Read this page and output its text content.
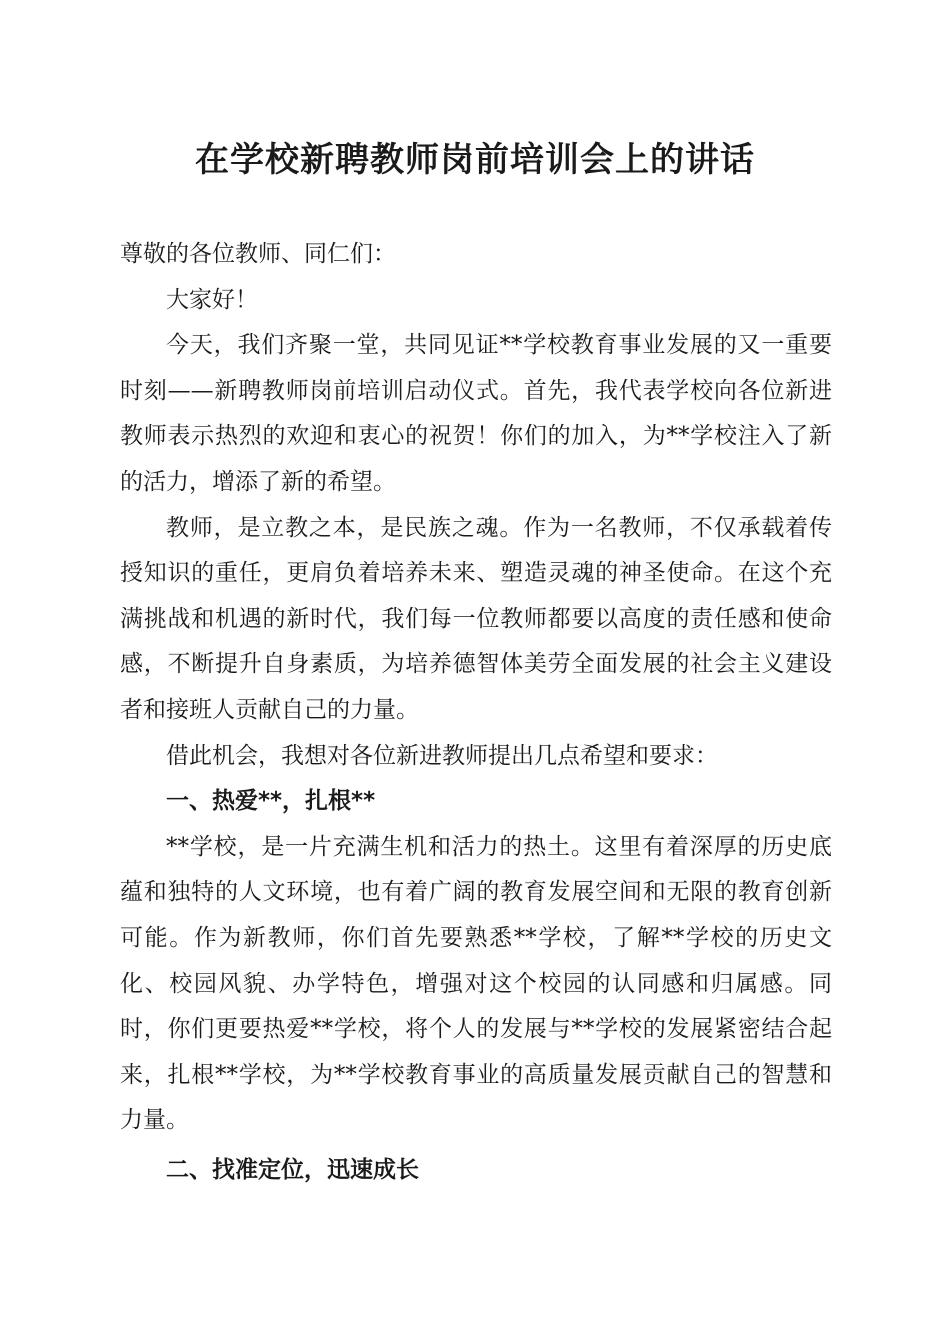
在学校新聘教师岗前培训会上的讲话

尊敬的各位教师、同仁们：

大家好！

今天，我们齐聚一堂，共同见证**学校教育事业发展的又一重要时刻——新聘教师岗前培训启动仪式。首先，我代表学校向各位新进教师表示热烈的欢迎和衷心的祝贺！你们的加入，为**学校注入了新的活力，增添了新的希望。

教师，是立教之本，是民族之魂。作为一名教师，不仅承载着传授知识的重任，更肩负着培养未来、塑造灵魂的神圣使命。在这个充满挑战和机遇的新时代，我们每一位教师都要以高度的责任感和使命感，不断提升自身素质，为培养德智体美劳全面发展的社会主义建设者和接班人贡献自己的力量。

借此机会，我想对各位新进教师提出几点希望和要求：

一、热爱**，扎根**

**学校，是一片充满生机和活力的热土。这里有着深厚的历史底蕴和独特的人文环境，也有着广阔的教育发展空间和无限的教育创新可能。作为新教师，你们首先要熟悉**学校，了解**学校的历史文化、校园风貌、办学特色，增强对这个校园的认同感和归属感。同时，你们更要热爱**学校，将个人的发展与**学校的发展紧密结合起来，扎根**学校，为**学校教育事业的高质量发展贡献自己的智慧和力量。

二、找准定位，迅速成长
